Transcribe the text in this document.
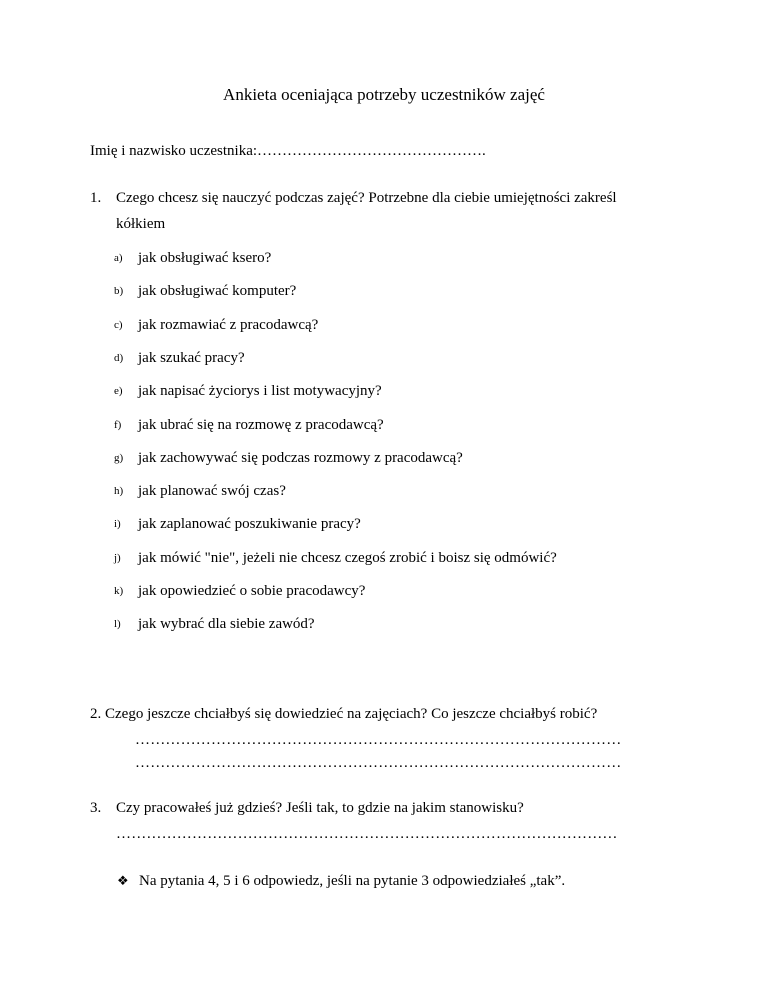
Ankieta oceniająca potrzeby uczestników zajęć
Imię i nazwisko uczestnika:……………………………………….
1. Czego chcesz się nauczyć podczas zajęć? Potrzebne dla ciebie umiejętności zakreśl
kółkiem
a) jak obsługiwać ksero?
b) jak obsługiwać komputer?
c) jak rozmawiać z pracodawcą?
d) jak szukać pracy?
e) jak napisać życiorys i list motywacyjny?
f) jak ubrać się na rozmowę z pracodawcą?
g) jak zachowywać się podczas rozmowy z pracodawcą?
h) jak planować swój czas?
i) jak zaplanować poszukiwanie pracy?
j) jak mówić "nie", jeżeli nie chcesz czegoś zrobić i boisz się odmówić?
k) jak opowiedzieć o sobie pracodawcy?
l) jak wybrać dla siebie zawód?
2. Czego jeszcze chciałbyś się dowiedzieć na zajęciach? Co jeszcze chciałbyś robić?
……………………………………………………………………………………
……………………………………………………………………………………
3. Czy pracowałeś już gdzieś? Jeśli tak, to gdzie na jakim stanowisku?
………………………………………………………………………………………
❖ Na pytania 4, 5 i 6 odpowiedz, jeśli na pytanie 3 odpowiedziałeś „tak”.
